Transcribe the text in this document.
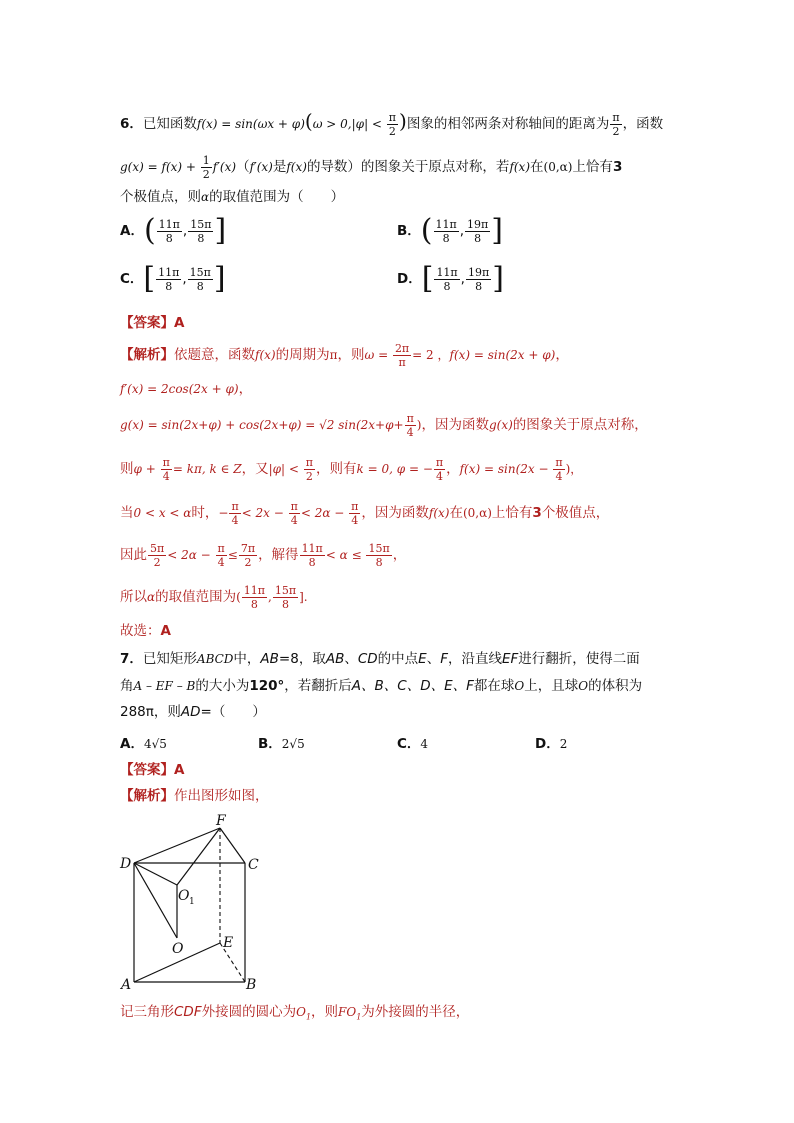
6．已知函数$f(x) = \sin(\omega x + \varphi)(\omega > 0,|\varphi| < \frac{\pi}{2}$ )图象的相邻两条对称轴间的距离为 $\frac{\pi}{2}$ ，函数
$g(x) = f(x) + \frac{1}{2} f'(x)(f'(x)$是f(x)的导数）的图象关于原点对称，若f(x)在(0,α)上恰有3
个极值点，则α的取值范围为（　　）
A．( $\frac{11\pi}{8}$ , $\frac{15\pi}{8}$ ]	B．( $\frac{11\pi}{8}$ , $\frac{19\pi}{8}$ ]
C．[ $\frac{11\pi}{8}$ , $\frac{15\pi}{8}$ ]	D．[ $\frac{11\pi}{8}$ , $\frac{19\pi}{8}$ ]
【答案】A
【解析】依题意，函数f(x)的周期为π，则$\omega = \frac{2\pi}{\pi} = 2$ ，f(x) = sin(2x + φ)，
f′(x) = 2cos(2x + φ)，
g(x) = sin(2x+φ) + cos(2x+φ) = √2 $\sin(2x+\varphi+ \frac{\pi}{4}$ )，因为函数g(x)的图象关于原点对称，
则$\varphi + \frac{\pi}{4} = k\pi$, k ∈ Z，又$|\varphi| < \frac{\pi}{2}$ ，则有k = 0, φ = − $\frac{\pi}{4}$ ，$f(x) = \sin(2x - \frac{\pi}{4}$ )，
当0 < x < α时，− $\frac{\pi}{4} < 2x - \frac{\pi}{4} < 2\alpha - \frac{\pi}{4}$ ，因为函数f(x)在(0,α)上恰有3个极值点，
因此 $\frac{5\pi}{2} < 2\alpha - \frac{\pi}{4} \le \frac{7\pi}{2}$ ，解得 $\frac{11\pi}{8} < \alpha \le \frac{15\pi}{8}$ ，
所以α的取值范围为( $\frac{11\pi}{8}$ , $\frac{15\pi}{8}$ ].
故选：A
7．已知矩形ABCD中，AB=8，取AB、CD的中点E、F，沿直线EF进行翻折，使得二面
角A – EF – B的大小为120°，若翻折后A、B、C、D、E、F都在球O上，且球O的体积为
288π，则AD=（　　）
A．4√5	B．2√5	C．4	D．2
【答案】A
【解析】作出图形如图，
F
D	C
O 1
O	E
A	B
记三角形CDF外接圆的圆心为$O_1$，则$FO_1$为外接圆的半径，
